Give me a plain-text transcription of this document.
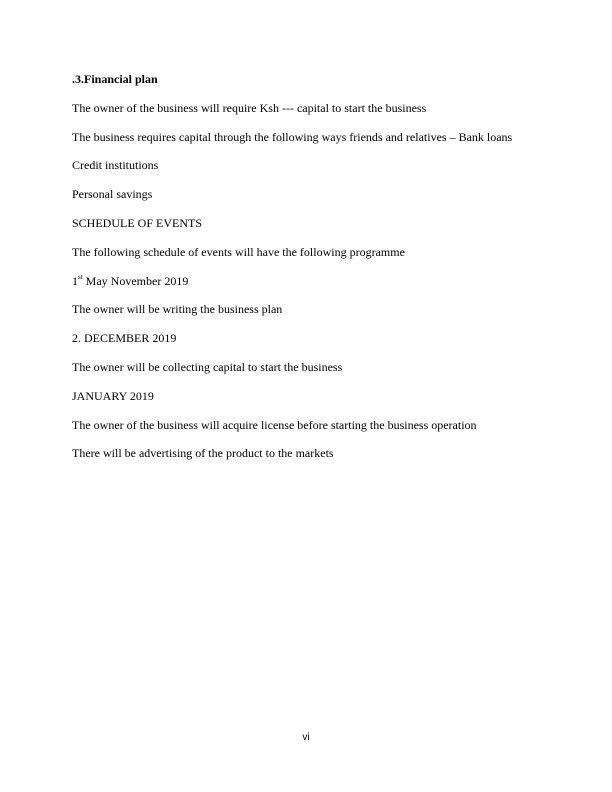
.3.Financial plan

The owner of the business will require Ksh --- capital to start the business

The business requires capital through the following ways friends and relatives – Bank loans

Credit institutions

Personal savings

SCHEDULE OF EVENTS

The following schedule of events will have the following programme

1st May November 2019

The owner will be writing the business plan

2. DECEMBER 2019

The owner will be collecting capital to start the business

JANUARY 2019

The owner of the business will acquire license before starting the business operation

There will be advertising of the product to the markets

vi
